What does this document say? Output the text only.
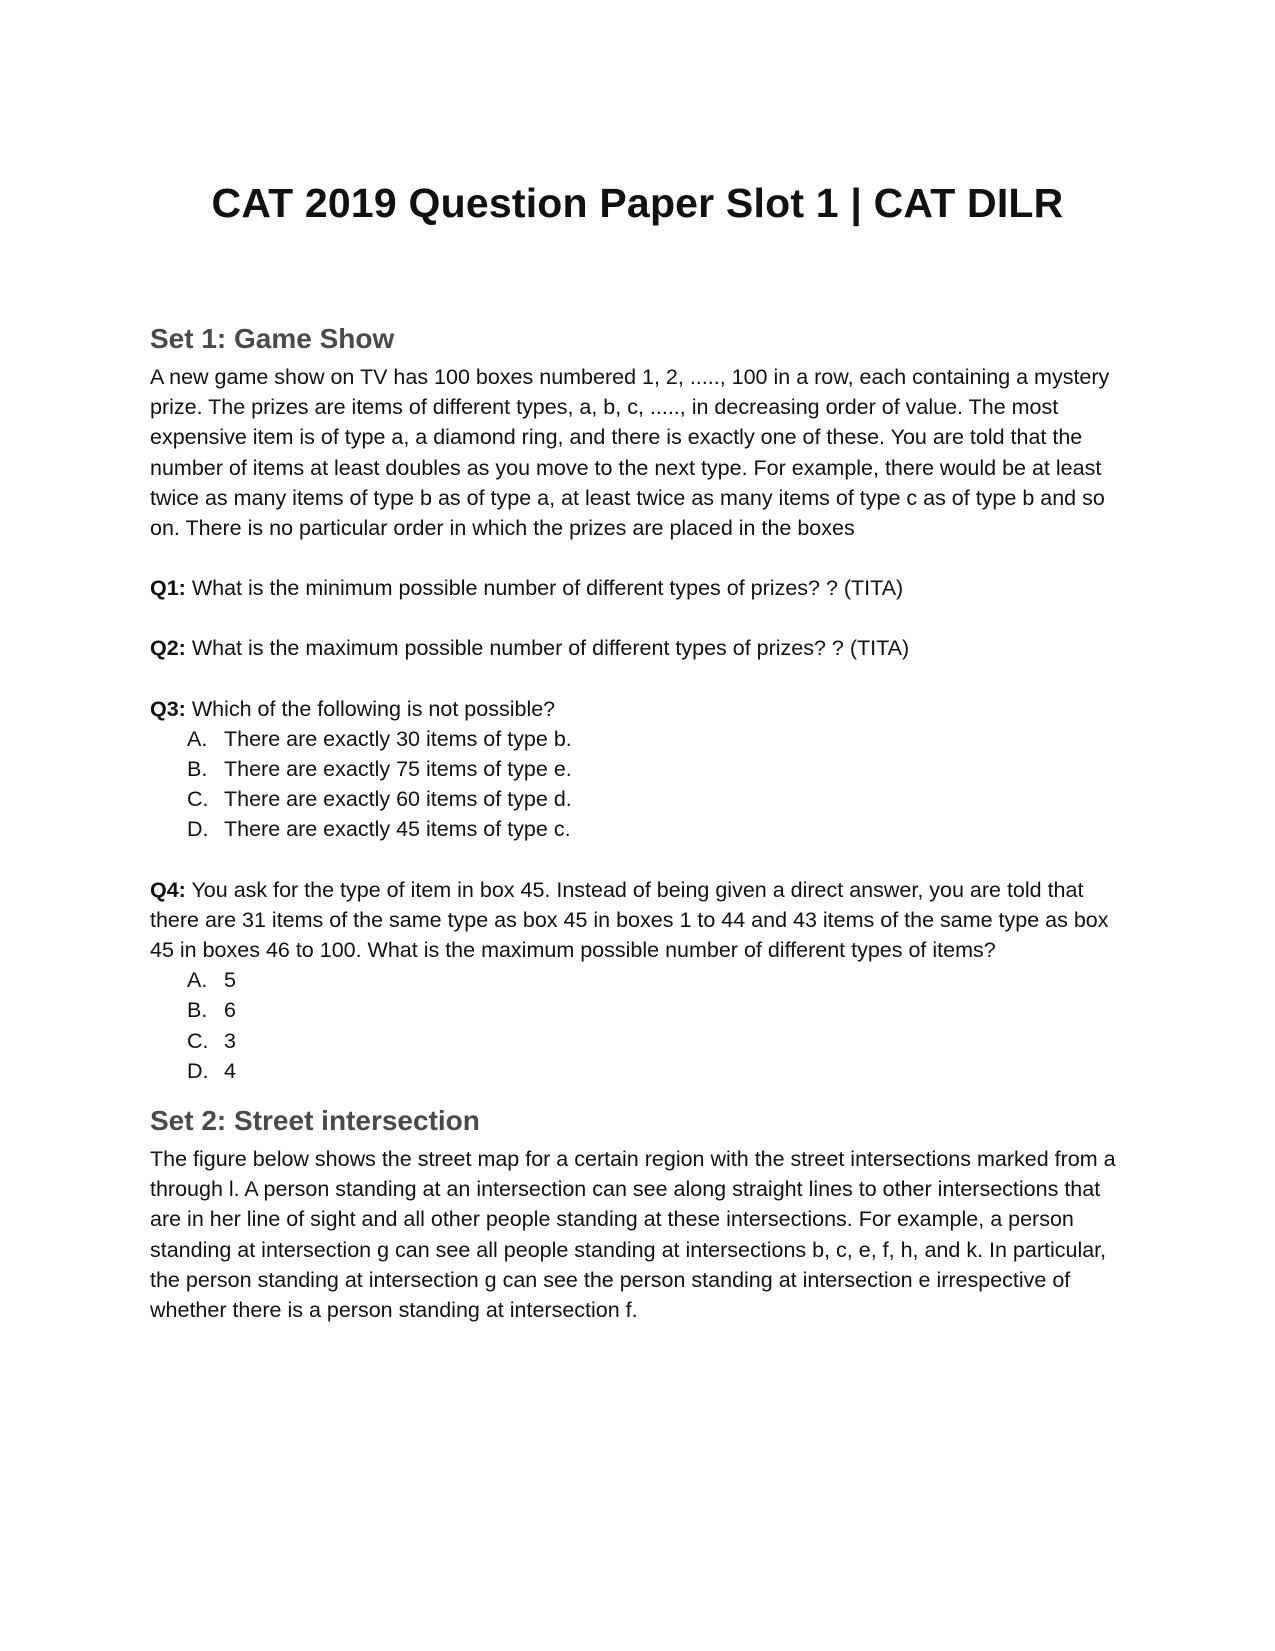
CAT 2019 Question Paper Slot 1 | CAT DILR
Set 1: Game Show

A new game show on TV has 100 boxes numbered 1, 2, ....., 100 in a row, each containing a mystery prize. The prizes are items of different types, a, b, c, ....., in decreasing order of value. The most expensive item is of type a, a diamond ring, and there is exactly one of these. You are told that the number of items at least doubles as you move to the next type. For example, there would be at least twice as many items of type b as of type a, at least twice as many items of type c as of type b and so on. There is no particular order in which the prizes are placed in the boxes

Q1: What is the minimum possible number of different types of prizes? ? (TITA)

Q2: What is the maximum possible number of different types of prizes? ? (TITA)

Q3: Which of the following is not possible?

A. There are exactly 30 items of type b.
B. There are exactly 75 items of type e.
C. There are exactly 60 items of type d.
D. There are exactly 45 items of type c.

Q4: You ask for the type of item in box 45. Instead of being given a direct answer, you are told that there are 31 items of the same type as box 45 in boxes 1 to 44 and 43 items of the same type as box 45 in boxes 46 to 100. What is the maximum possible number of different types of items?

A. 5
B. 6
C. 3
D. 4
Set 2: Street intersection

The figure below shows the street map for a certain region with the street intersections marked from a through l. A person standing at an intersection can see along straight lines to other intersections that are in her line of sight and all other people standing at these intersections. For example, a person standing at intersection g can see all people standing at intersections b, c, e, f, h, and k. In particular, the person standing at intersection g can see the person standing at intersection e irrespective of whether there is a person standing at intersection f.
